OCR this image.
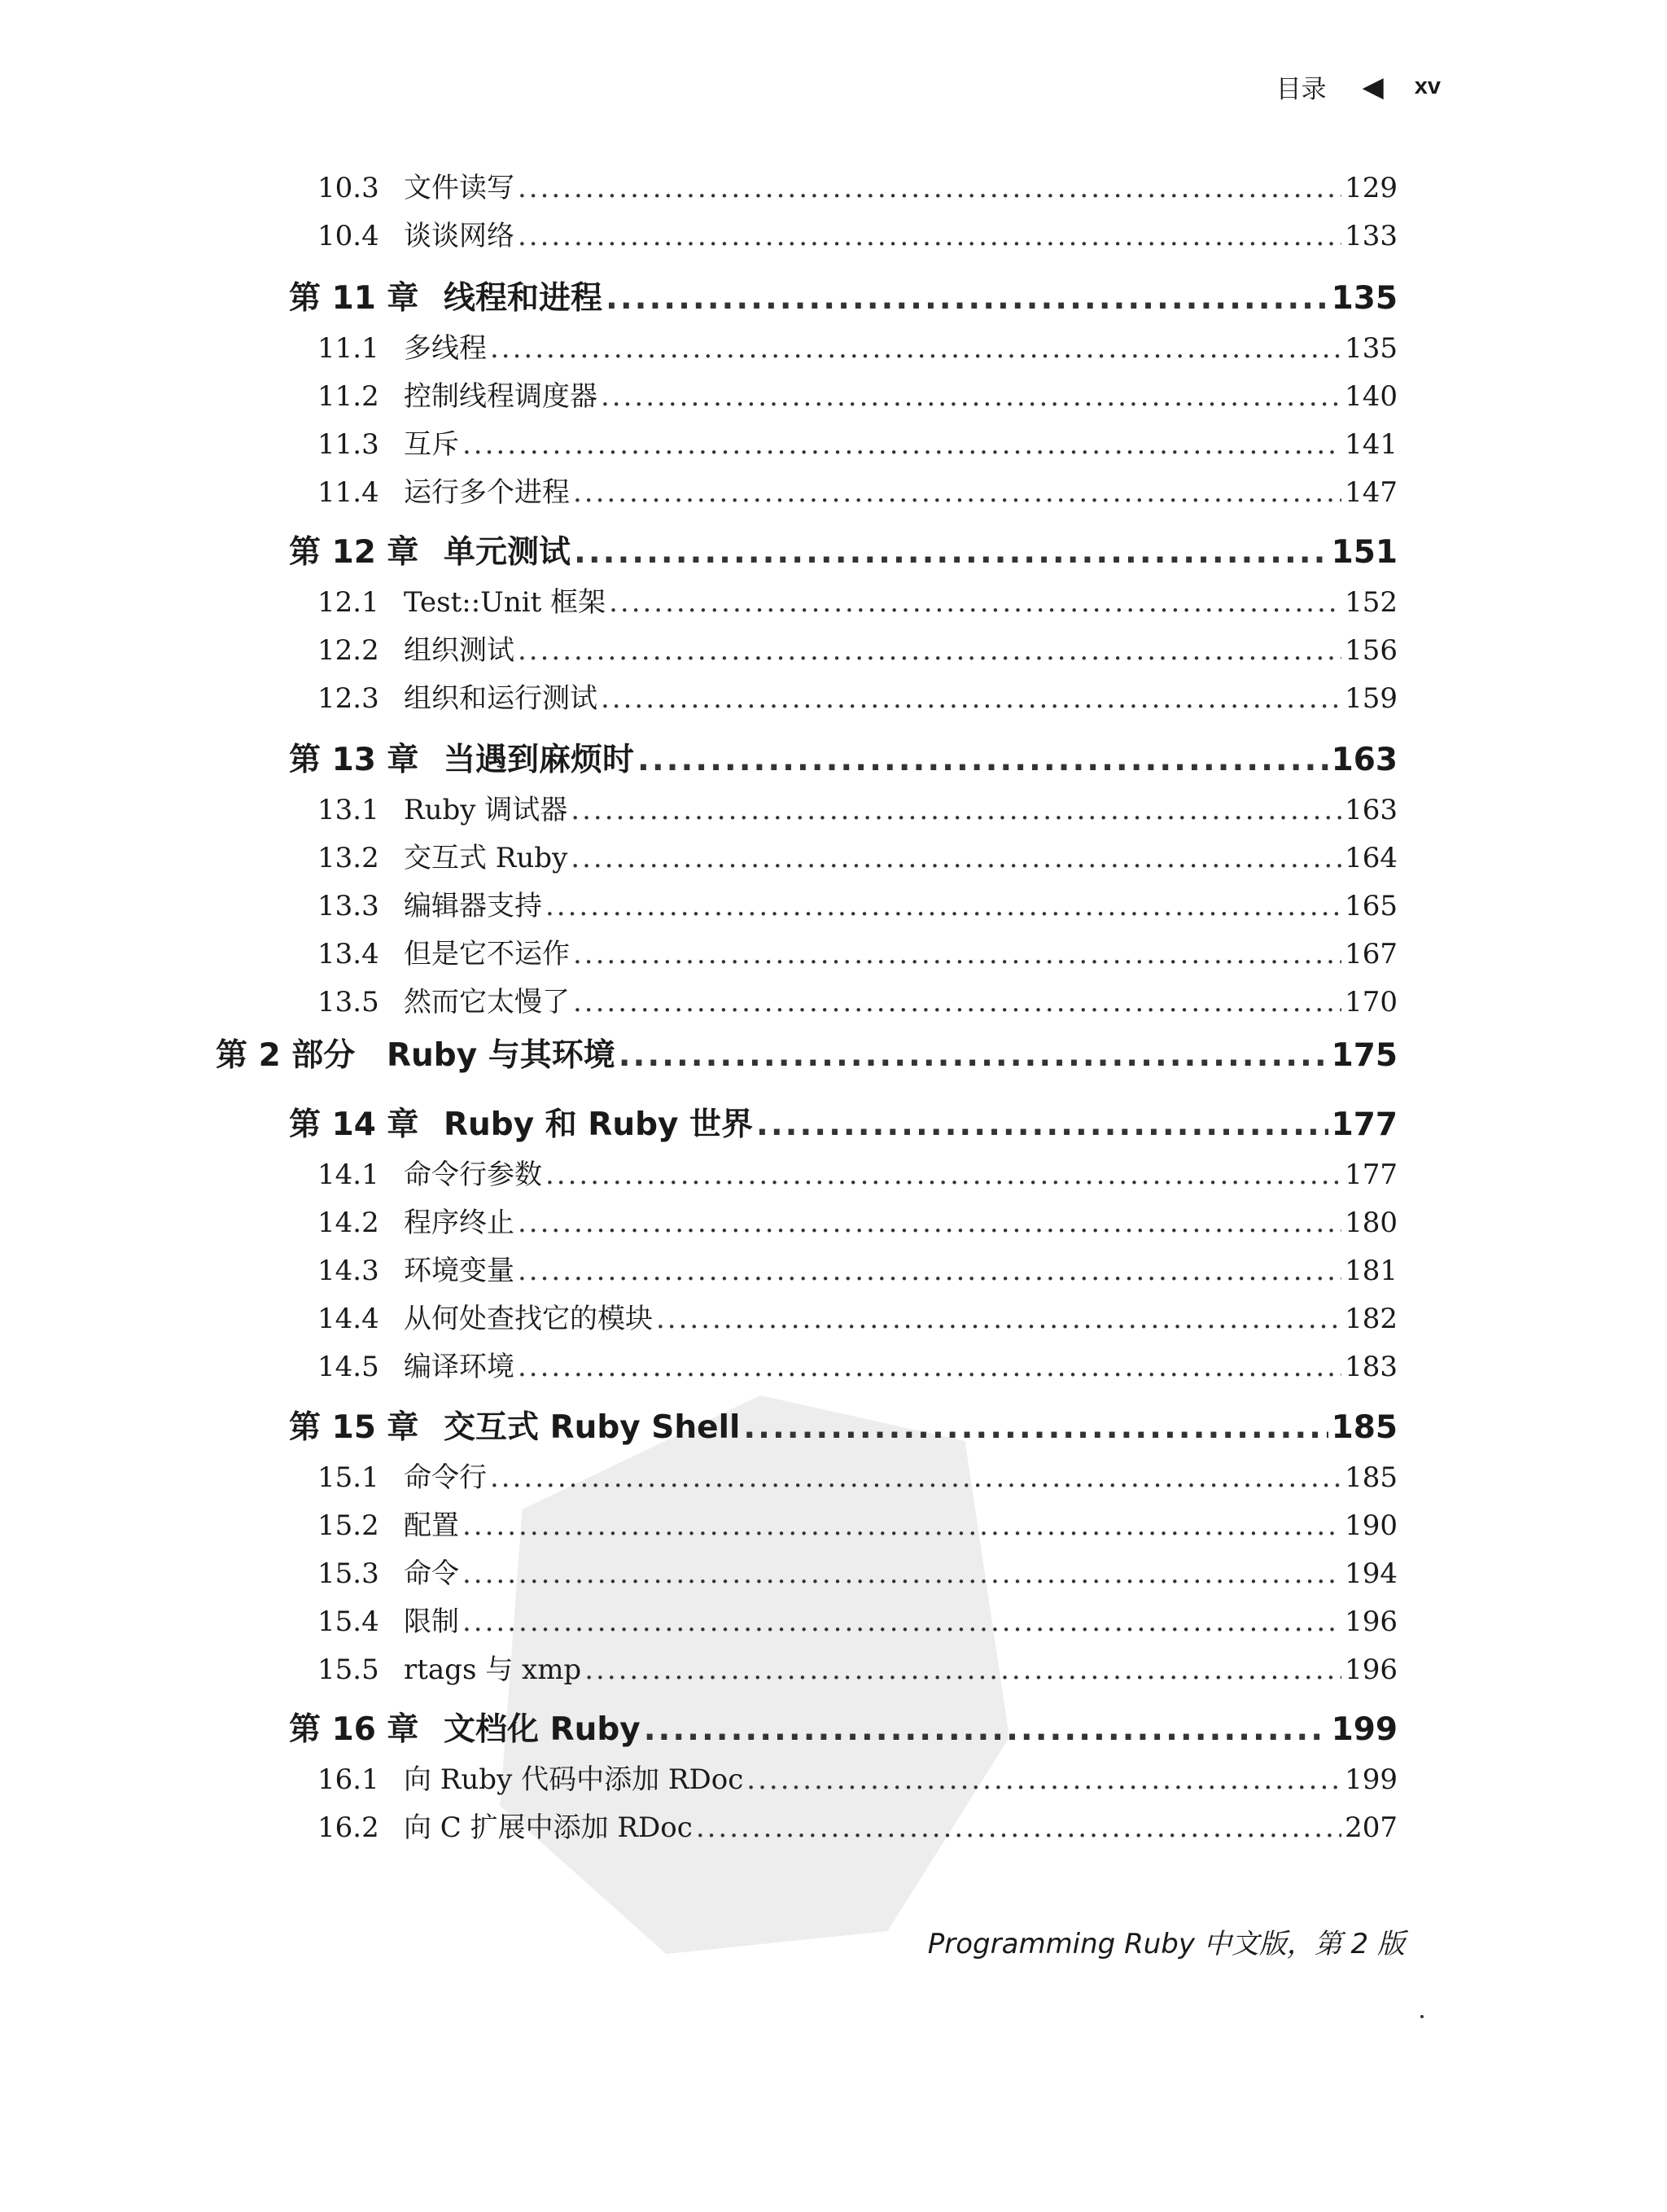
目录 ◀ xv
10.3 文件读写 .....	129
10.4 谈谈网络 .....	133
第 11 章 线程和进程 .....	135
11.1 多线程 .....	135
11.2 控制线程调度器 .....	140
11.3 互斥 .....	141
11.4 运行多个进程 .....	147
第 12 章 单元测试 .....	151
12.1 Test::Unit 框架 .....	152
12.2 组织测试 .....	156
12.3 组织和运行测试 .....	159
第 13 章 当遇到麻烦时 .....	163
13.1 Ruby 调试器 .....	163
13.2 交互式 Ruby .....	164
13.3 编辑器支持 .....	165
13.4 但是它不运作 .....	167
13.5 然而它太慢了 .....	170
第 2 部分 Ruby 与其环境 .....	175
第 14 章 Ruby 和 Ruby 世界 .....	177
14.1 命令行参数 .....	177
14.2 程序终止 .....	180
14.3 环境变量 .....	181
14.4 从何处查找它的模块 .....	182
14.5 编译环境 .....	183
第 15 章 交互式 Ruby Shell .....	185
15.1 命令行 .....	185
15.2 配置 .....	190
15.3 命令 .....	194
15.4 限制 .....	196
15.5 rtags 与 xmp .....	196
第 16 章 文档化 Ruby .....	199
16.1 向 Ruby 代码中添加 RDoc .....	199
16.2 向 C 扩展中添加 RDoc .....	207
Programming Ruby 中文版，第 2 版
